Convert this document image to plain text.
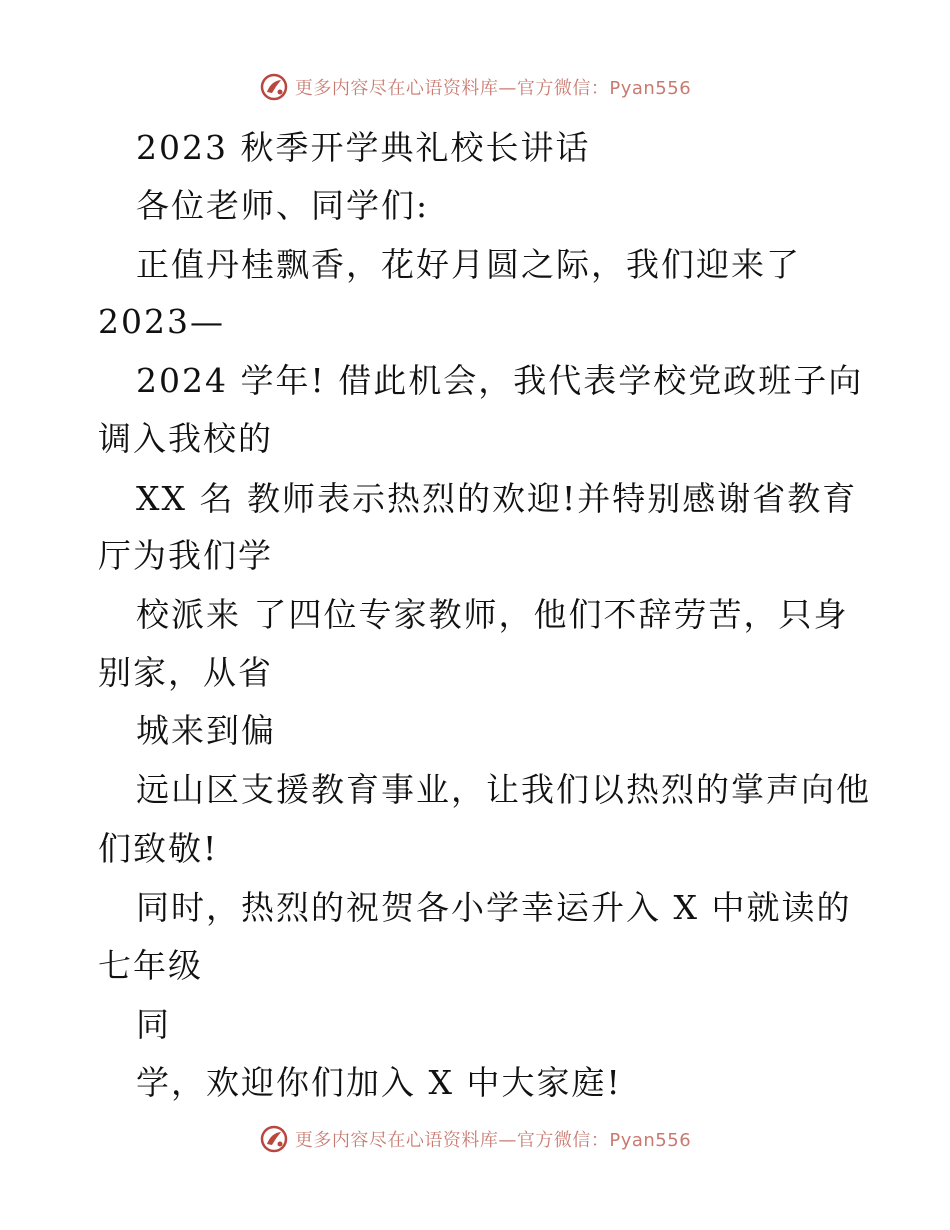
更多内容尽在心语资料库—官方微信：Pyan556
2023 秋季开学典礼校长讲话
各位老师、同学们:
正值丹桂飘香，花好月圆之际，我们迎来了
2023—
2024 学年! 借此机会，我代表学校党政班子向
调入我校的
XX 名 教师表示热烈的欢迎!并特别感谢省教育
厅为我们学
校派来 了四位专家教师，他们不辞劳苦，只身
别家，从省
城来到偏
远山区支援教育事业，让我们以热烈的掌声向他
们致敬!
同时，热烈的祝贺各小学幸运升入 X 中就读的
七年级
同
学，欢迎你们加入 X 中大家庭!
更多内容尽在心语资料库—官方微信：Pyan556
